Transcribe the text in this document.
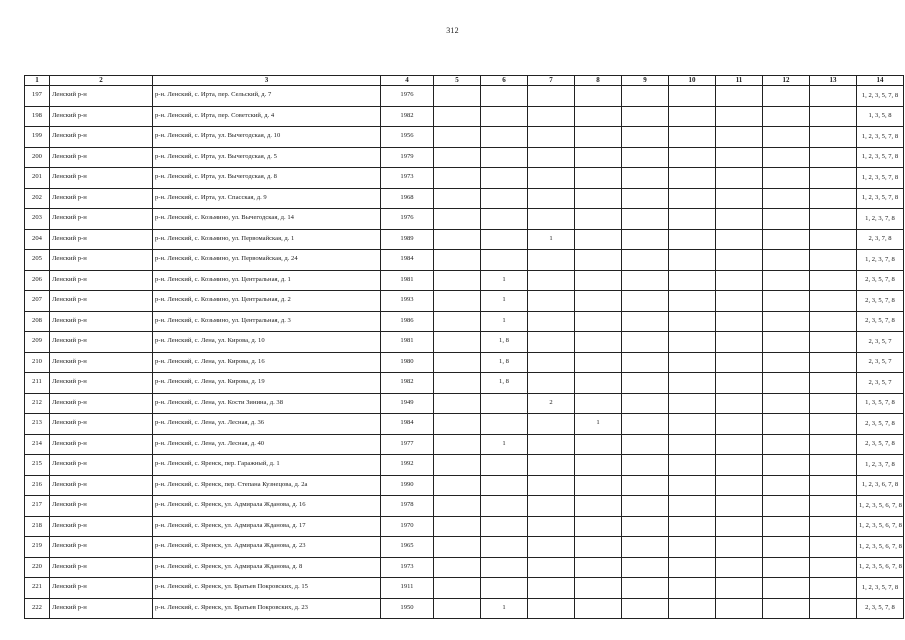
312
1	2	3	4	5	6	7	8	9	10	11	12	13	14
197	Ленский р-н	р-н. Ленский, с. Ирта, пер. Сельский, д. 7	1976										1, 2, 3, 5, 7, 8
198	Ленский р-н	р-н. Ленский, с. Ирта, пер. Советский, д. 4	1982										1, 3, 5, 8
199	Ленский р-н	р-н. Ленский, с. Ирта, ул. Вычегодская, д. 10	1956										1, 2, 3, 5, 7, 8
200	Ленский р-н	р-н. Ленский, с. Ирта, ул. Вычегодская, д. 5	1979										1, 2, 3, 5, 7, 8
201	Ленский р-н	р-н. Ленский, с. Ирта, ул. Вычегодская, д. 8	1973										1, 2, 3, 5, 7, 8
202	Ленский р-н	р-н. Ленский, с. Ирта, ул. Спасская, д. 9	1968										1, 2, 3, 5, 7, 8
203	Ленский р-н	р-н. Ленский, с. Козьмино, ул. Вычегодская, д. 14	1976										1, 2, 3, 7, 8
204	Ленский р-н	р-н. Ленский, с. Козьмино, ул. Первомайская, д. 1	1989			1							2, 3, 7, 8
205	Ленский р-н	р-н. Ленский, с. Козьмино, ул. Первомайская, д. 24	1984										1, 2, 3, 7, 8
206	Ленский р-н	р-н. Ленский, с. Козьмино, ул. Центральная, д. 1	1981		1								2, 3, 5, 7, 8
207	Ленский р-н	р-н. Ленский, с. Козьмино, ул. Центральная, д. 2	1993		1								2, 3, 5, 7, 8
208	Ленский р-н	р-н. Ленский, с. Козьмино, ул. Центральная, д. 3	1986		1								2, 3, 5, 7, 8
209	Ленский р-н	р-н. Ленский, с. Лена, ул. Кирова, д. 10	1981		1, 8								2, 3, 5, 7
210	Ленский р-н	р-н. Ленский, с. Лена, ул. Кирова, д. 16	1980		1, 8								2, 3, 5, 7
211	Ленский р-н	р-н. Ленский, с. Лена, ул. Кирова, д. 19	1982		1, 8								2, 3, 5, 7
212	Ленский р-н	р-н. Ленский, с. Лена, ул. Кости Зинина, д. 38	1949			2							1, 3, 5, 7, 8
213	Ленский р-н	р-н. Ленский, с. Лена, ул. Лесная, д. 36	1984				1						2, 3, 5, 7, 8
214	Ленский р-н	р-н. Ленский, с. Лена, ул. Лесная, д. 40	1977		1								2, 3, 5, 7, 8
215	Ленский р-н	р-н. Ленский, с. Яренск, пер. Гаражный, д. 1	1992										1, 2, 3, 7, 8
216	Ленский р-н	р-н. Ленский, с. Яренск, пер. Степана Кузнецова, д. 2а	1990										1, 2, 3, 6, 7, 8
217	Ленский р-н	р-н. Ленский, с. Яренск, ул. Адмирала Жданова, д. 16	1978										1, 2, 3, 5, 6, 7, 8
218	Ленский р-н	р-н. Ленский, с. Яренск, ул. Адмирала Жданова, д. 17	1970										1, 2, 3, 5, 6, 7, 8
219	Ленский р-н	р-н. Ленский, с. Яренск, ул. Адмирала Жданова, д. 23	1965										1, 2, 3, 5, 6, 7, 8
220	Ленский р-н	р-н. Ленский, с. Яренск, ул. Адмирала Жданова, д. 8	1973										1, 2, 3, 5, 6, 7, 8
221	Ленский р-н	р-н. Ленский, с. Яренск, ул. Братьев Покровских, д. 15	1911										1, 2, 3, 5, 7, 8
222	Ленский р-н	р-н. Ленский, с. Яренск, ул. Братьев Покровских, д. 23	1950		1								2, 3, 5, 7, 8
